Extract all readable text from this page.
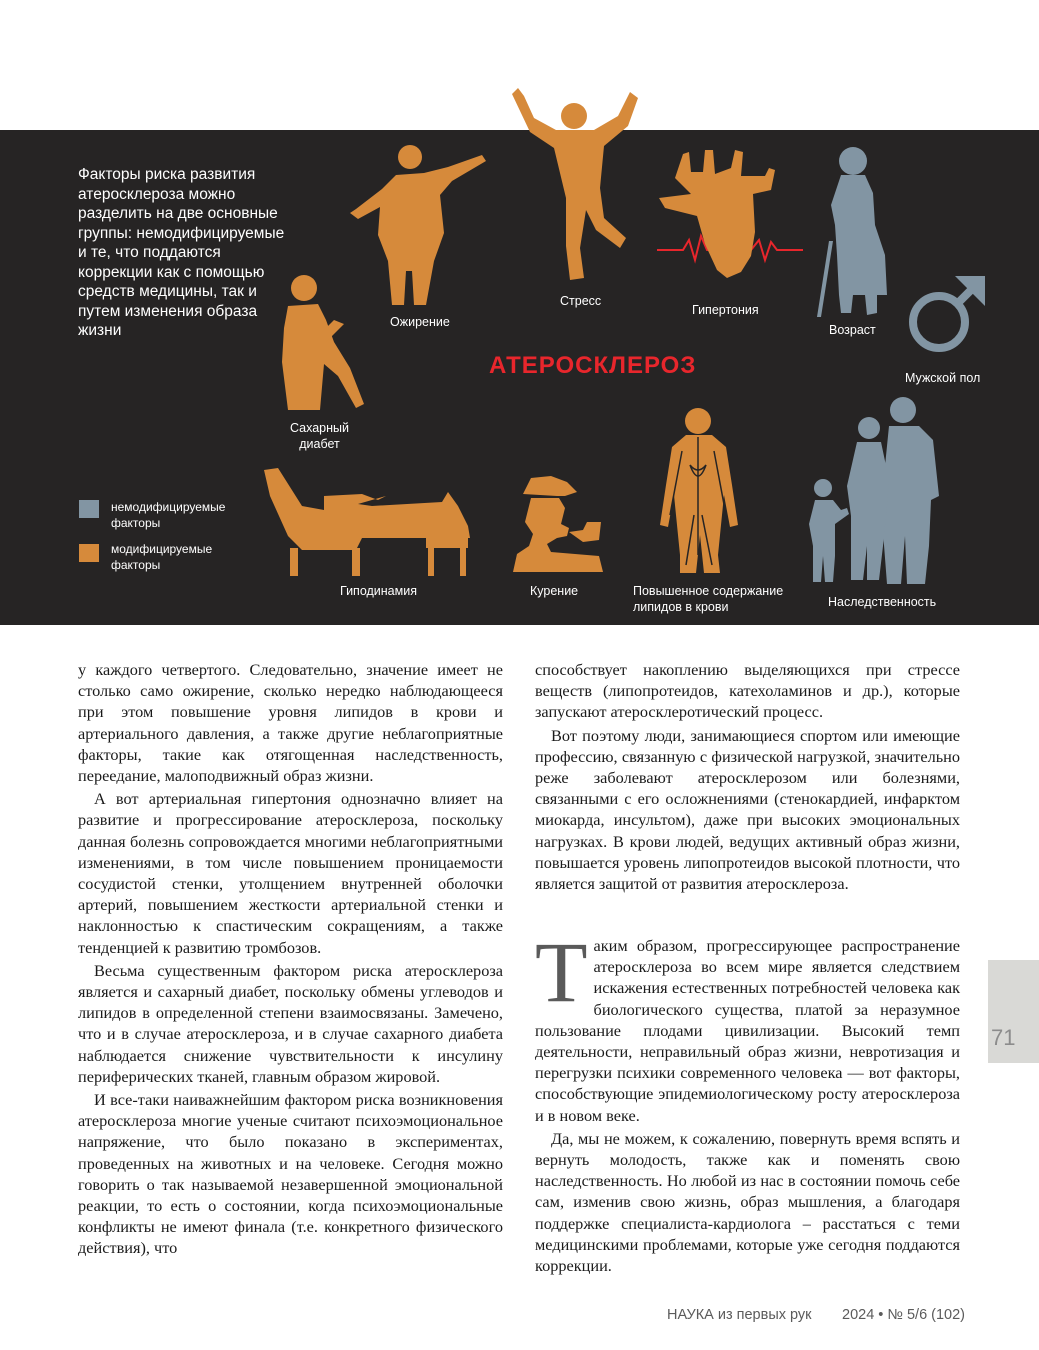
Факторы риска развития атеросклероза можно разделить на две основные группы: немодифицируемые и те, что поддаются коррекции как с помощью средств медицины, так и путем изменения образа жизни

Стресс
Ожирение
Гипертония
Возраст
Мужской пол
Сахарный
диабет
АТЕРОСКЛЕРОЗ
Гиподинамия	Курение	Повышенное содержание
липидов в крови	Наследственность
немодифицируемые
факторы
модифицируемые
факторы

у каждого четвертого. Следовательно, значение имеет не столько само ожирение, сколько нередко наблюдающееся при этом повышение уровня липидов в крови и артериального давления, а также другие неблагоприятные факторы, такие как отягощенная наследственность, переедание, малоподвижный образ жизни.

А вот артериальная гипертония однозначно влияет на развитие и прогрессирование атеросклероза, поскольку данная болезнь сопровождается многими неблагоприятными изменениями, в том числе повышением проницаемости сосудистой стенки, утолщением внутренней оболочки артерий, повышением жесткости артериальной стенки и наклонностью к спастическим сокращениям, а также тенденцией к развитию тромбозов.

Весьма существенным фактором риска атеросклероза является и сахарный диабет, поскольку обмены углеводов и липидов в определенной степени взаимосвязаны. Замечено, что и в случае атеросклероза, и в случае сахарного диабета наблюдается снижение чувствительности к инсулину периферических тканей, главным образом жировой.

И все-таки наиважнейшим фактором риска возникновения атеросклероза многие ученые считают психоэмоциональное напряжение, что было показано в экспериментах, проведенных на животных и на человеке. Сегодня можно говорить о так называемой незавершенной эмоциональной реакции, то есть о состоянии, когда психоэмоциональные конфликты не имеют финала (т.е. конкретного физического действия), что

способствует накоплению выделяющихся при стрессе веществ (липопротеидов, катехоламинов и др.), которые запускают атеросклеротический процесс.

Вот поэтому люди, занимающиеся спортом или имеющие профессию, связанную с физической нагрузкой, значительно реже заболевают атеросклерозом или болезнями, связанными с его осложнениями (стенокардией, инфарктом миокарда, инсультом), даже при высоких эмоциональных нагрузках. В крови людей, ведущих активный образ жизни, повышается уровень липопротеидов высокой плотности, что является защитой от развития атеросклероза.

Таким образом, прогрессирующее распространение атеросклероза во всем мире является следствием искажения естественных потребностей человека как биологического существа, платой за неразумное пользование плодами цивилизации. Высокий темп деятельности, неправильный образ жизни, невротизация и перегрузки психики современного человека — вот факторы, способствующие эпидемиологическому росту атеросклероза и в новом веке.

Да, мы не можем, к сожалению, повернуть время вспять и вернуть молодость, также как и поменять свою наследственность. Но любой из нас в состоянии помочь себе сам, изменив свою жизнь, образ мышления, а благодаря поддержке специалиста-кардиолога – расстаться с теми медицинскими проблемами, которые уже сегодня поддаются коррекции.

71
НАУКА из первых рук 2024 • № 5/6 (102)
